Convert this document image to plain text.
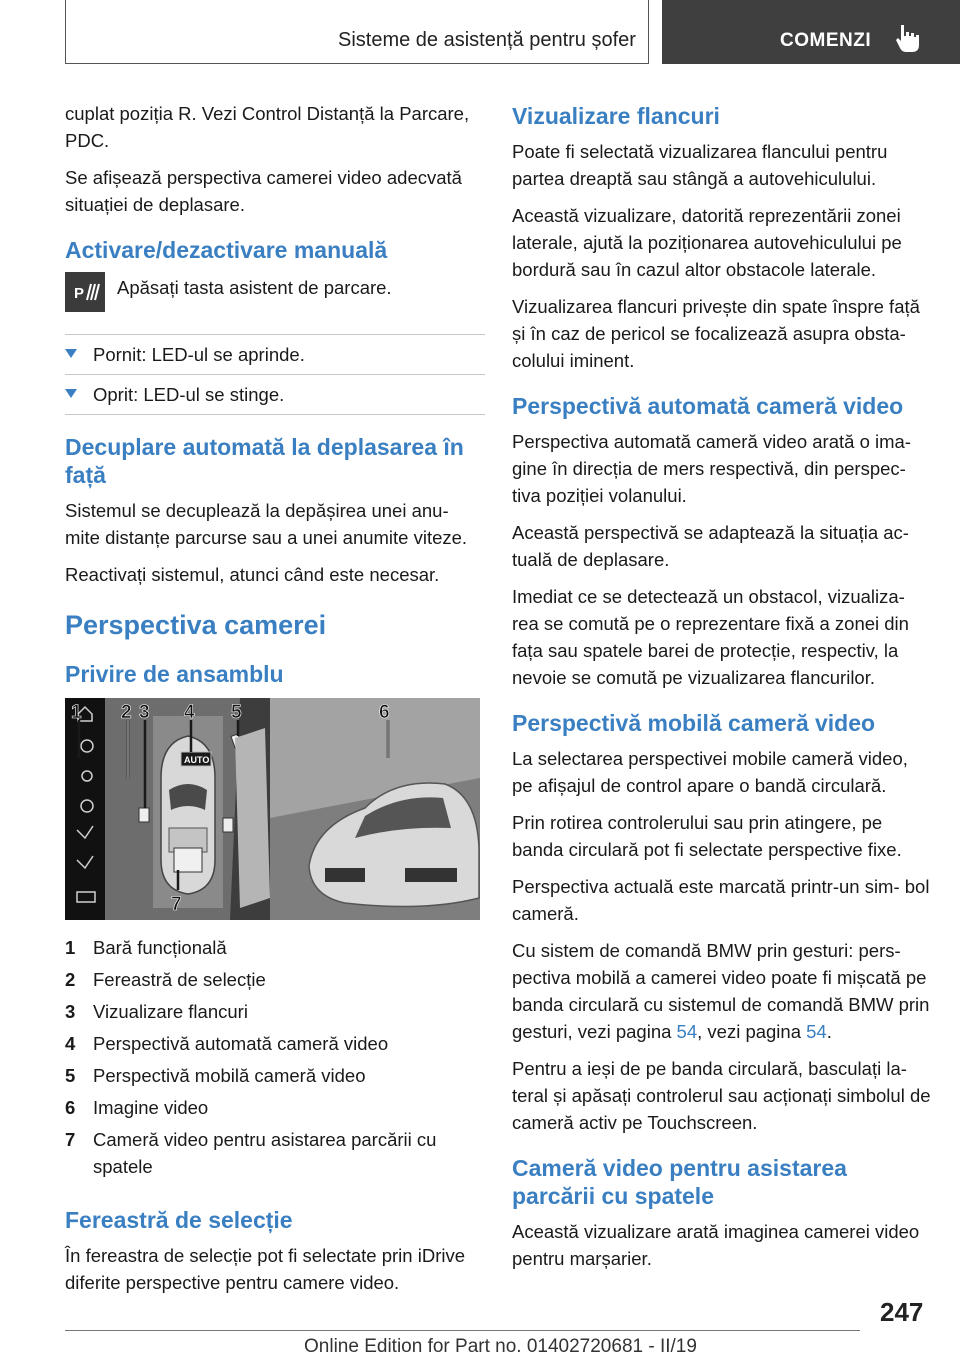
Sisteme de asistență pentru șofer	COMENZI

cuplat poziția R. Vezi Control Distanță la Parcare, PDC.

Se afișează perspectiva camerei video adecvată situației de deplasare.

Activare/dezactivare manuală
P Apăsați tasta asistent de parcare.

Pornit: LED-ul se aprinde.
Oprit: LED-ul se stinge.
Decuplare automată la deplasarea în față

Sistemul se decuplează la depășirea unei anu‐ mite distanțe parcurse sau a unei anumite viteze.

Reactivați sistemul, atunci când este necesar.

Perspectiva camerei
Privire de ansamblu
AUTO
1 2 3 4 5	6
7
1 Bară funcțională
2 Fereastră de selecție
3 Vizualizare flancuri
4 Perspectivă automată cameră video
5 Perspectivă mobilă cameră video
6 Imagine video
7 Cameră video pentru asistarea parcării cu spatele
Fereastră de selecție

În fereastra de selecție pot fi selectate prin iDrive diferite perspective pentru camere video.

Vizualizare flancuri

Poate fi selectată vizualizarea flancului pentru partea dreaptă sau stângă a autovehiculului.

Această vizualizare, datorită reprezentării zonei laterale, ajută la poziționarea autovehiculului pe bordură sau în cazul altor obstacole laterale.

Vizualizarea flancuri privește din spate înspre față și în caz de pericol se focalizează asupra obsta‐ colului iminent.

Perspectivă automată cameră video

Perspectiva automată cameră video arată o ima‐ gine în direcția de mers respectivă, din perspec‐ tiva poziției volanului.

Această perspectivă se adaptează la situația ac‐ tuală de deplasare.

Imediat ce se detectează un obstacol, vizualiza‐ rea se comută pe o reprezentare fixă a zonei din fața sau spatele barei de protecție, respectiv, la nevoie se comută pe vizualizarea flancurilor.

Perspectivă mobilă cameră video

La selectarea perspectivei mobile cameră video, pe afișajul de control apare o bandă circulară.

Prin rotirea controlerului sau prin atingere, pe banda circulară pot fi selectate perspective fixe.

Perspectiva actuală este marcată printr-un sim‐ bol cameră.

Cu sistem de comandă BMW prin gesturi: pers‐ pectiva mobilă a camerei video poate fi mișcată pe banda circulară cu sistemul de comandă BMW prin gesturi, vezi pagina 54, vezi pagina 54.

Pentru a ieși de pe banda circulară, basculați la‐ teral și apăsați controlerul sau acționați simbolul de cameră activ pe Touchscreen.

Cameră video pentru asistarea parcării cu spatele

Această vizualizare arată imaginea camerei video pentru marșarier.

247
Online Edition for Part no. 01402720681 - II/19
